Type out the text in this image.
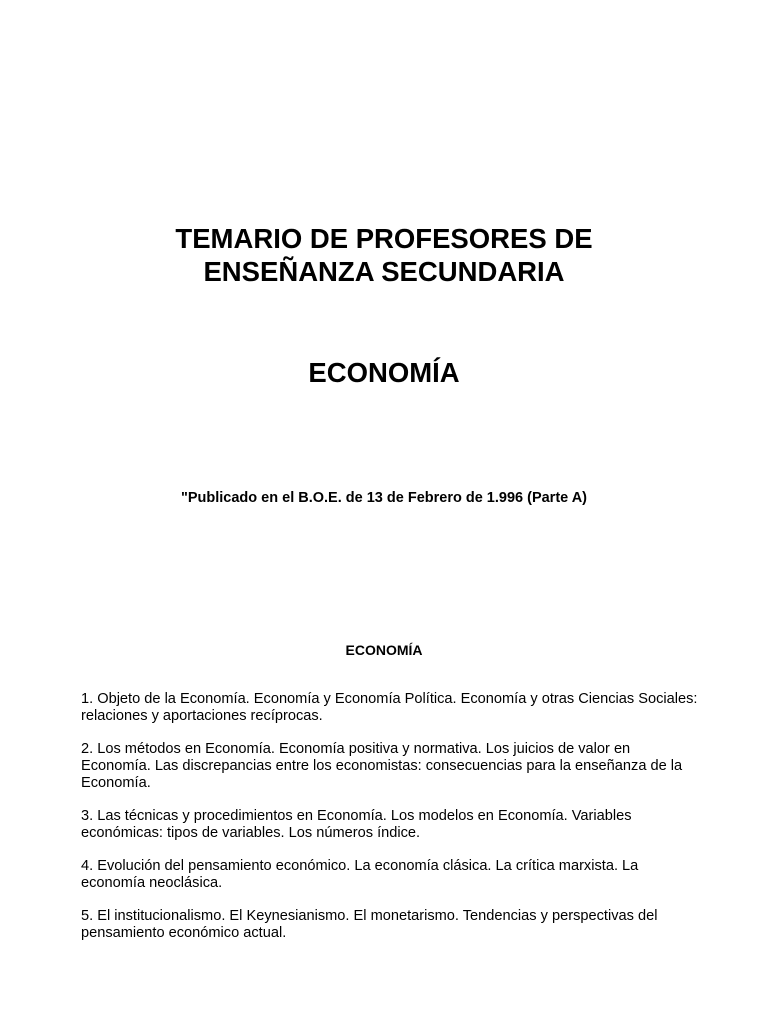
TEMARIO DE PROFESORES DE
ENSEÑANZA SECUNDARIA
ECONOMÍA

"Publicado en el B.O.E. de 13 de Febrero de 1.996 (Parte A)

ECONOMÍA
1. Objeto de la Economía. Economía y Economía Política. Economía y otras Ciencias Sociales: relaciones y aportaciones recíprocas.
2. Los métodos en Economía. Economía positiva y normativa. Los juicios de valor en Economía. Las discrepancias entre los economistas: consecuencias para la enseñanza de la Economía.
3. Las técnicas y procedimientos en Economía. Los modelos en Economía. Variables económicas: tipos de variables. Los números índice.
4. Evolución del pensamiento económico. La economía clásica. La crítica marxista. La economía neoclásica.
5. El institucionalismo. El Keynesianismo. El monetarismo. Tendencias y perspectivas del pensamiento económico actual.
